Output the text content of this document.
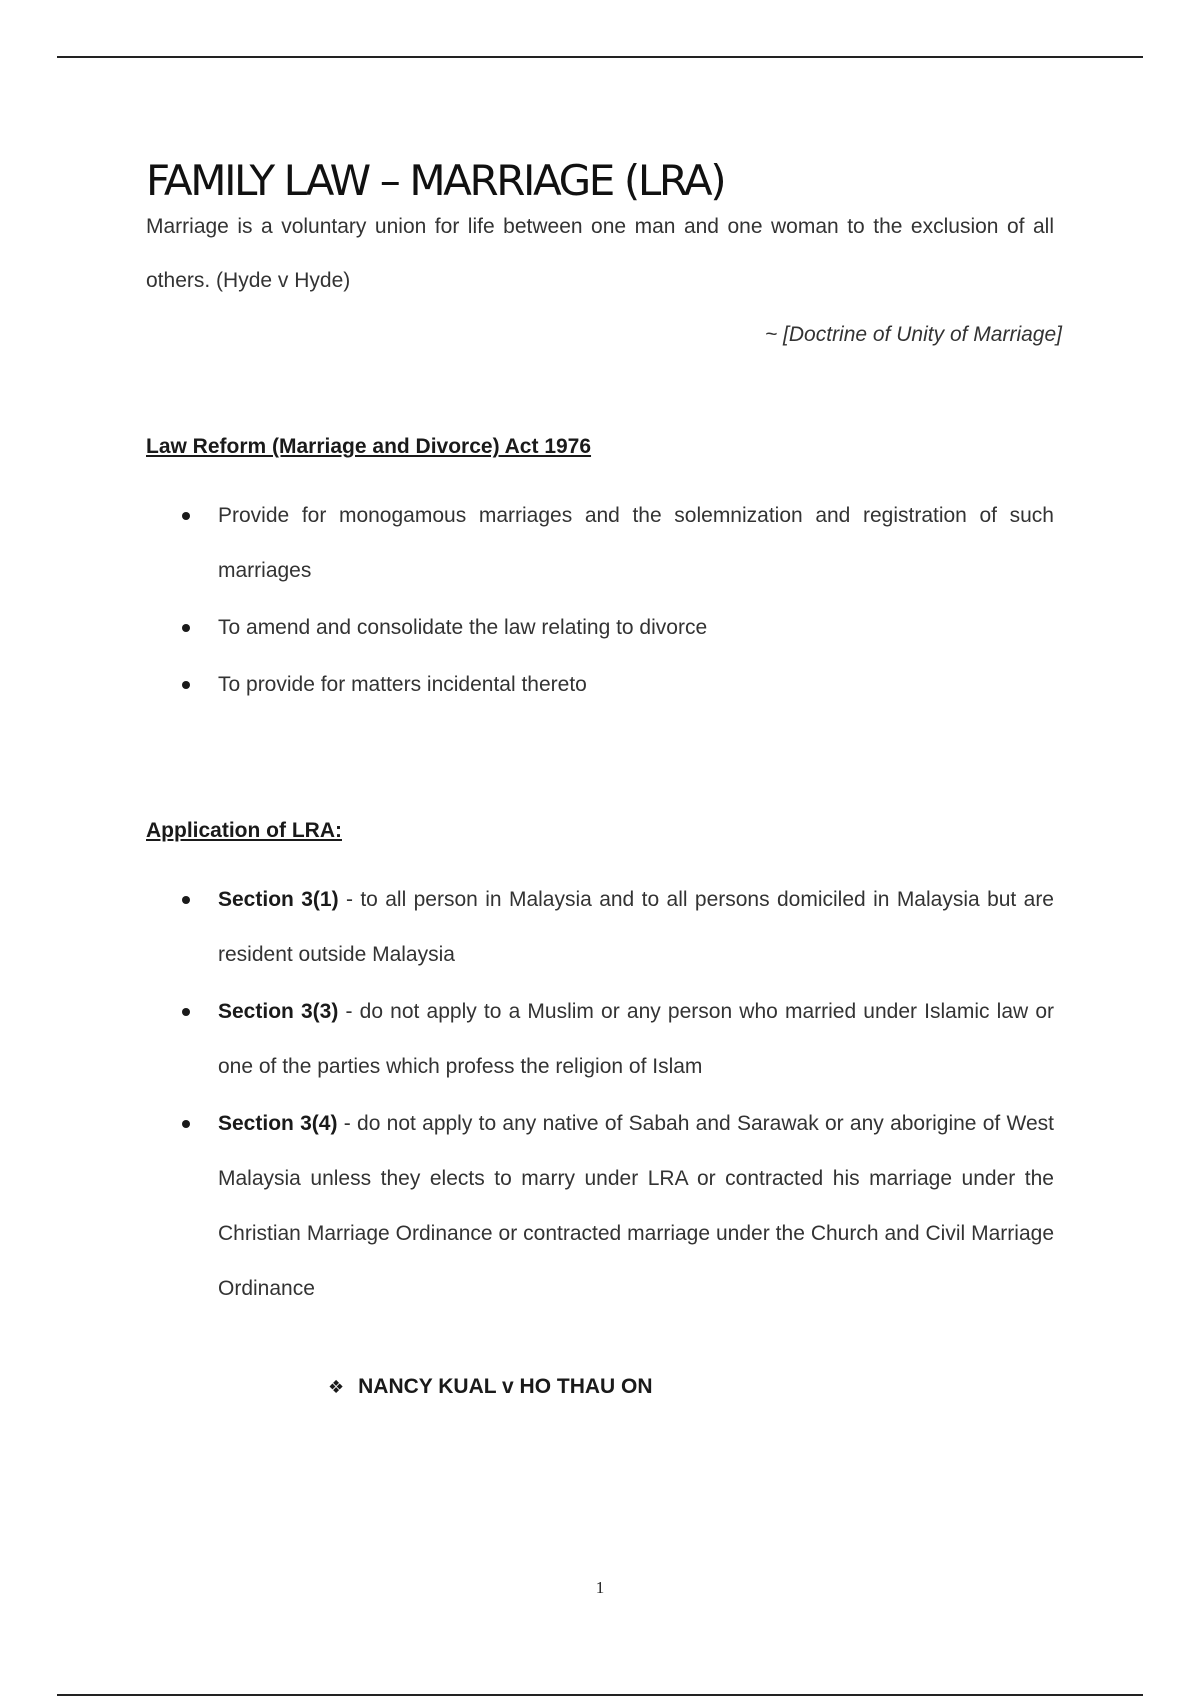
FAMILY LAW – MARRIAGE (LRA)

Marriage is a voluntary union for life between one man and one woman to the exclusion of all others. (Hyde v Hyde)

~ [Doctrine of Unity of Marriage]

Law Reform (Marriage and Divorce) Act 1976
Provide for monogamous marriages and the solemnization and registration of such marriages
To amend and consolidate the law relating to divorce
To provide for matters incidental thereto
Application of LRA:
Section 3(1) - to all person in Malaysia and to all persons domiciled in Malaysia but are resident outside Malaysia
Section 3(3) - do not apply to a Muslim or any person who married under Islamic law or one of the parties which profess the religion of Islam
Section 3(4) - do not apply to any native of Sabah and Sarawak or any aborigine of West Malaysia unless they elects to marry under LRA or contracted his marriage under the Christian Marriage Ordinance or contracted marriage under the Church and Civil Marriage Ordinance
❖ NANCY KUAL v HO THAU ON
1
